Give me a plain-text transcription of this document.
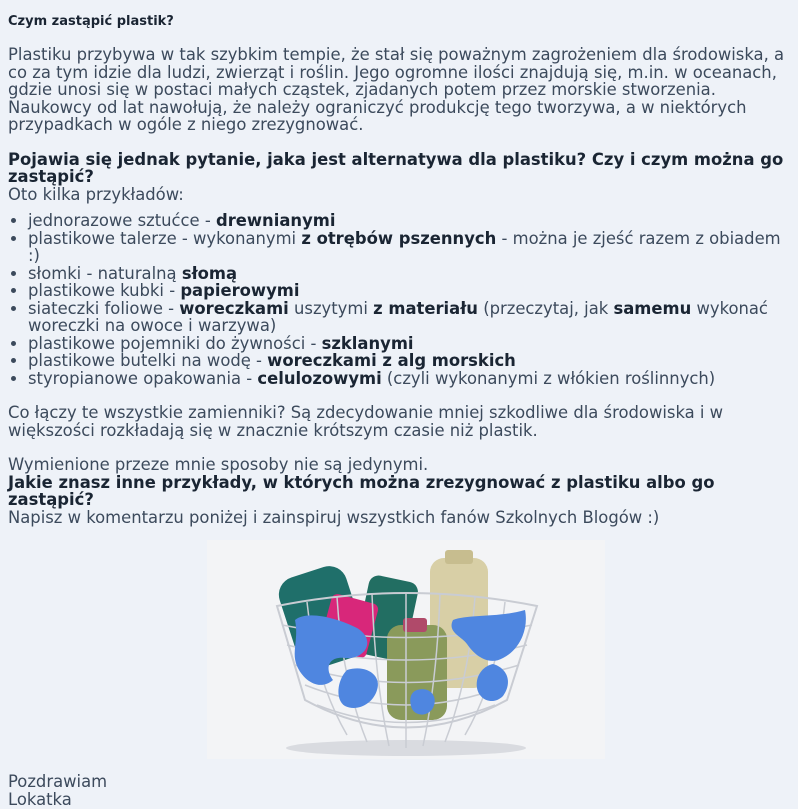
Czym zastąpić plastik?

Plastiku przybywa w tak szybkim tempie, że stał się poważnym zagrożeniem dla środowiska, a co za tym idzie dla ludzi, zwierząt i roślin. Jego ogromne ilości znajdują się, m.in. w oceanach, gdzie unosi się w postaci małych cząstek, zjadanych potem przez morskie stworzenia. Naukowcy od lat nawołują, że należy ograniczyć produkcję tego tworzywa, a w niektórych przypadkach w ogóle z niego zrezygnować.

Pojawia się jednak pytanie, jaka jest alternatywa dla plastiku? Czy i czym można go zastąpić?

Oto kilka przykładów:

• jednorazowe sztućce - drewnianymi
• plastikowe talerze - wykonanymi z otrębów pszennych - można je zjeść razem z obiadem :)
• słomki - naturalną słomą
• plastikowe kubki - papierowymi
• siateczki foliowe - woreczkami uszytymi z materiału (przeczytaj, jak samemu wykonać woreczki na owoce i warzywa)
• plastikowe pojemniki do żywności - szklanymi
• plastikowe butelki na wodę - woreczkami z alg morskich
• styropianowe opakowania - celulozowymi (czyli wykonanymi z włókien roślinnych)

Co łączy te wszystkie zamienniki? Są zdecydowanie mniej szkodliwe dla środowiska i w większości rozkładają się w znacznie krótszym czasie niż plastik.

Wymienione przeze mnie sposoby nie są jedynymi.

Jakie znasz inne przykłady, w których można zrezygnować z plastiku albo go zastąpić?

Napisz w komentarzu poniżej i zainspiruj wszystkich fanów Szkolnych Blogów :)

Pozdrawiam

Lokatka
